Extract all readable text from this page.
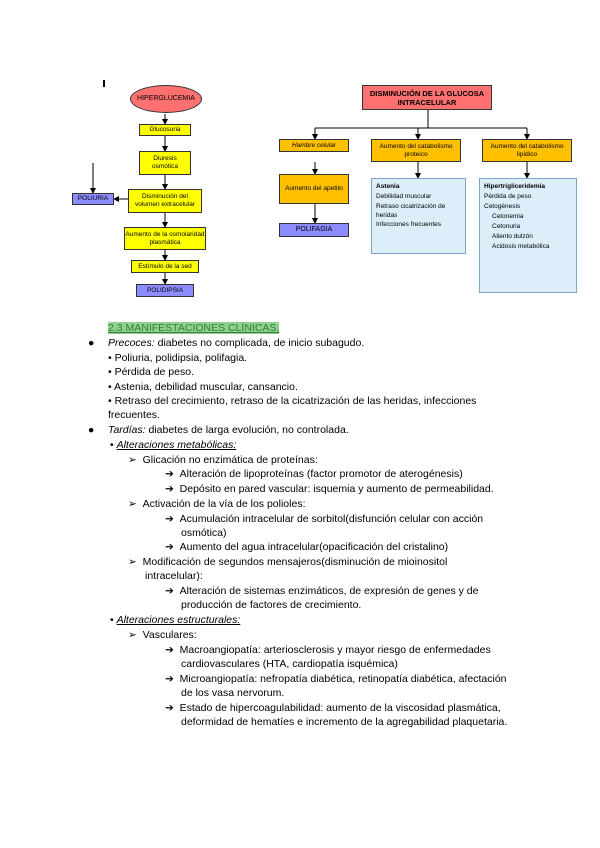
HIPERGLUCEMIA
Glucosuria
Diuresis osmótica
Disminución del volumen extracelular
Aumento de la osmolaridad plasmática
Estímulo de la sed
POLIURIA
POLIDIPSIA
DISMINUCIÓN DE LA GLUCOSA INTRACELULAR
Hambre celular	Aumento del catabolismo proteico
Aumento del catabolismo lipídico
Aumento del apetito
POLIFAGIA
Astenia
Debilidad muscular
Retraso cicatrización de heridas
Infecciones frecuentes
Hipertrigliceridemia
Pérdida de peso
Cetogénesis
Cetonemia
Cetonuria
Aliento dulzón
Acidosis metabólica
2.3 MANIFESTACIONES CLÍNICAS.
● Precoces: diabetes no complicada, de inicio subagudo.
• Poliuria, polidipsia, polifagia.
• Pérdida de peso.
• Astenia, debilidad muscular, cansancio.
• Retraso del crecimiento, retraso de la cicatrización de las heridas, infecciones
frecuentes.
● Tardías: diabetes de larga evolución, no controlada.
• Alteraciones metabólicas:
➢  Glicación no enzimática de proteínas:
➔  Alteración de lipoproteínas (factor promotor de aterogénesis)
➔  Depósito en pared vascular: isquemia y aumento de permeabilidad.
➢  Activación de la vía de los polioles:
➔  Acumulación intracelular de sorbitol(disfunción celular con acción
osmótica)
➔  Aumento del agua intracelular(opacificación del cristalino)
➢  Modificación de segundos mensajeros(disminución de mioinositol
intracelular):
➔  Alteración de sistemas enzimáticos, de expresión de genes y de
producción de factores de crecimiento.
• Alteraciones estructurales:
➢  Vasculares:
➔  Macroangiopatía: arteriosclerosis y mayor riesgo de enfermedades
cardiovasculares (HTA, cardiopatía isquémica)
➔  Microangiopatía: nefropatía diabética, retinopatía diabética, afectación
de los vasa nervorum.
➔  Estado de hipercoagulabilidad: aumento de la viscosidad plasmática,
deformidad de hematíes e incremento de la agregabilidad plaquetaria.
